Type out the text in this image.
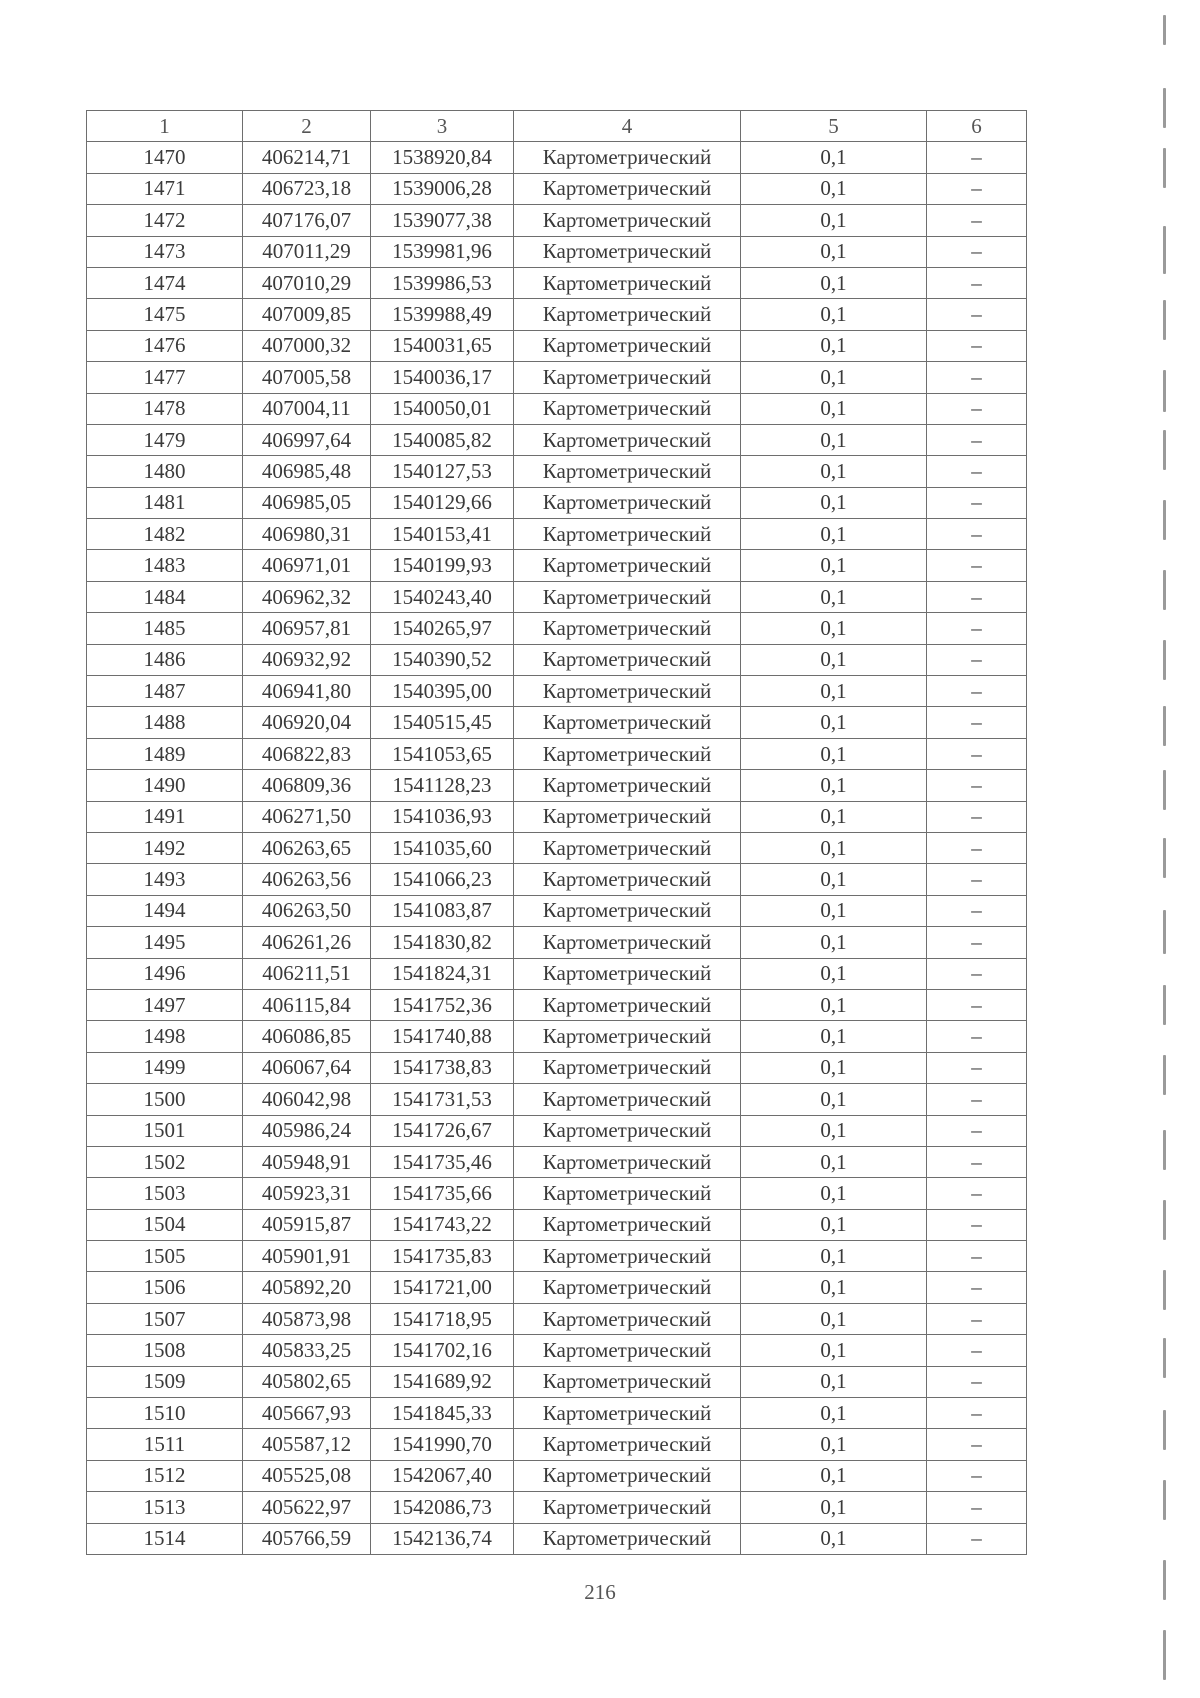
1	2	3	4	5	6
1470	406214,71	1538920,84	Картометрический	0,1	–
1471	406723,18	1539006,28	Картометрический	0,1	–
1472	407176,07	1539077,38	Картометрический	0,1	–
1473	407011,29	1539981,96	Картометрический	0,1	–
1474	407010,29	1539986,53	Картометрический	0,1	–
1475	407009,85	1539988,49	Картометрический	0,1	–
1476	407000,32	1540031,65	Картометрический	0,1	–
1477	407005,58	1540036,17	Картометрический	0,1	–
1478	407004,11	1540050,01	Картометрический	0,1	–
1479	406997,64	1540085,82	Картометрический	0,1	–
1480	406985,48	1540127,53	Картометрический	0,1	–
1481	406985,05	1540129,66	Картометрический	0,1	–
1482	406980,31	1540153,41	Картометрический	0,1	–
1483	406971,01	1540199,93	Картометрический	0,1	–
1484	406962,32	1540243,40	Картометрический	0,1	–
1485	406957,81	1540265,97	Картометрический	0,1	–
1486	406932,92	1540390,52	Картометрический	0,1	–
1487	406941,80	1540395,00	Картометрический	0,1	–
1488	406920,04	1540515,45	Картометрический	0,1	–
1489	406822,83	1541053,65	Картометрический	0,1	–
1490	406809,36	1541128,23	Картометрический	0,1	–
1491	406271,50	1541036,93	Картометрический	0,1	–
1492	406263,65	1541035,60	Картометрический	0,1	–
1493	406263,56	1541066,23	Картометрический	0,1	–
1494	406263,50	1541083,87	Картометрический	0,1	–
1495	406261,26	1541830,82	Картометрический	0,1	–
1496	406211,51	1541824,31	Картометрический	0,1	–
1497	406115,84	1541752,36	Картометрический	0,1	–
1498	406086,85	1541740,88	Картометрический	0,1	–
1499	406067,64	1541738,83	Картометрический	0,1	–
1500	406042,98	1541731,53	Картометрический	0,1	–
1501	405986,24	1541726,67	Картометрический	0,1	–
1502	405948,91	1541735,46	Картометрический	0,1	–
1503	405923,31	1541735,66	Картометрический	0,1	–
1504	405915,87	1541743,22	Картометрический	0,1	–
1505	405901,91	1541735,83	Картометрический	0,1	–
1506	405892,20	1541721,00	Картометрический	0,1	–
1507	405873,98	1541718,95	Картометрический	0,1	–
1508	405833,25	1541702,16	Картометрический	0,1	–
1509	405802,65	1541689,92	Картометрический	0,1	–
1510	405667,93	1541845,33	Картометрический	0,1	–
1511	405587,12	1541990,70	Картометрический	0,1	–
1512	405525,08	1542067,40	Картометрический	0,1	–
1513	405622,97	1542086,73	Картометрический	0,1	–
1514	405766,59	1542136,74	Картометрический	0,1	–
216
